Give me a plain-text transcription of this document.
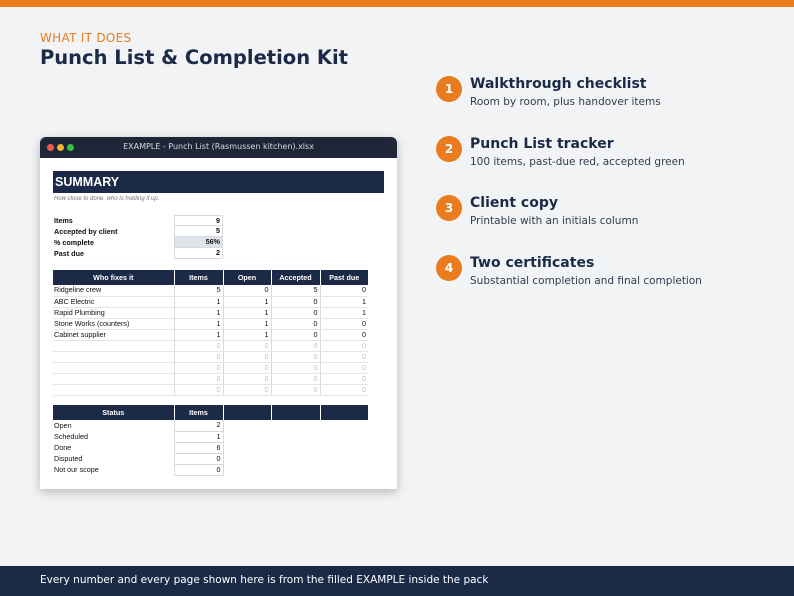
WHAT IT DOES
Punch List & Completion Kit
EXAMPLE - Punch List (Rasmussen kitchen).xlsx
SUMMARY
How close to done, who is holding it up.
Items	9
Accepted by client	5
% complete	56%
Past due	2
Who fixes it	Items	Open	Accepted	Past due
Ridgeline crew	5	0	5	0
ABC Electric	1	1	0	1
Rapid Plumbing	1	1	0	1
Stone Works (counters)	1	1	0	0
Cabinet supplier	1	1	0	0
	0	0	0	0
	0	0	0	0
	0	0	0	0
	0	0	0	0
	0	0	0	0
Status	Items			
Open	2			
Scheduled	1			
Done	6			
Disputed	0			
Not our scope	0			
1	Walkthrough checklist
Room by room, plus handover items
2	Punch List tracker
100 items, past-due red, accepted green
3	Client copy
Printable with an initials column
4	Two certificates
Substantial completion and final completion
Every number and every page shown here is from the filled EXAMPLE inside the pack
